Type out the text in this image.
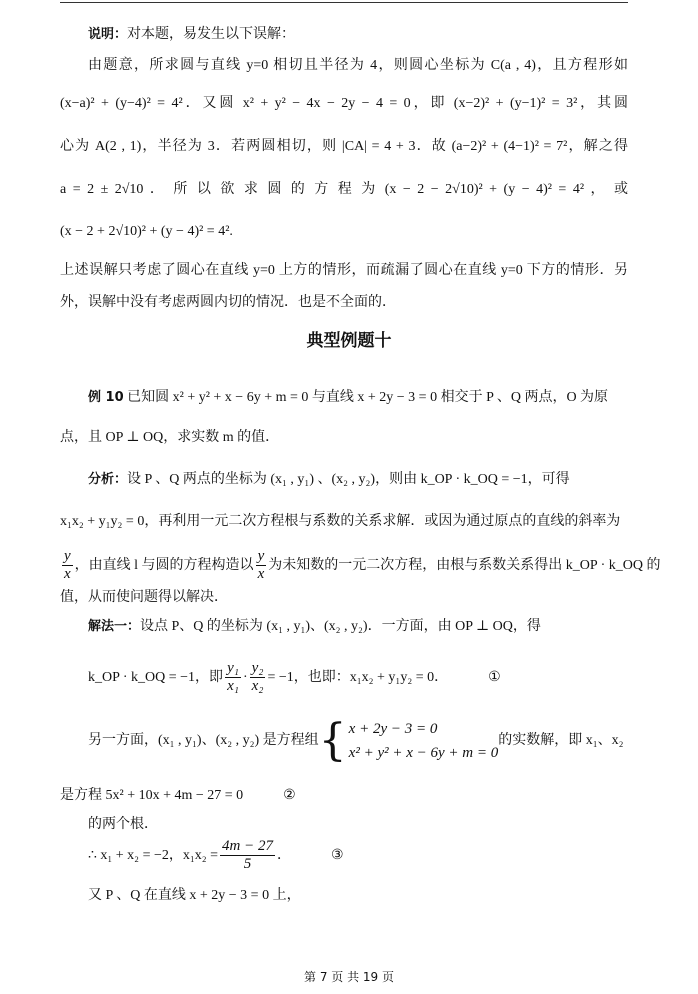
说明：对本题，易发生以下误解：
由题意，所求圆与直线 y=0 相切且半径为 4，则圆心坐标为 C(a , 4)，且方程形如
(x−a)² + (y−4)² = 4²．又圆 x² + y² − 4x − 2y − 4 = 0，即 (x−2)² + (y−1)² = 3²，其圆
心为 A(2 , 1)，半径为 3．若两圆相切，则 |CA| = 4 + 3．故 (a−2)² + (4−1)² = 7²，解之得
a = 2 ± 2√10 ． 所 以 欲 求 圆 的 方 程 为 (x − 2 − 2√10)² + (y − 4)² = 4² ， 或
(x − 2 + 2√10)² + (y − 4)² = 4².
上述误解只考虑了圆心在直线 y=0 上方的情形，而疏漏了圆心在直线 y=0 下方的情形．另
外，误解中没有考虑两圆内切的情况．也是不全面的．
典型例题十
例 10 已知圆 x² + y² + x − 6y + m = 0 与直线 x + 2y − 3 = 0 相交于 P 、Q 两点，O 为原
点，且 OP ⊥ OQ，求实数 m 的值．
分析：设 P 、Q 两点的坐标为 (x₁ , y₁) 、(x₂ , y₂)，则由 k_OP · k_OQ = −1，可得
x₁x₂ + y₁y₂ = 0，再利用一元二次方程根与系数的关系求解．或因为通过原点的直线的斜率为
$\frac{y}{x}$ ，由直线 l 与圆的方程构造以 $\frac{y}{x}$ 为未知数的一元二次方程，由根与系数关系得出 k_OP · k_OQ 的
值，从而使问题得以解决．
解法一：设点 P、Q 的坐标为 (x₁ , y₁)、(x₂ , y₂)．一方面，由 OP ⊥ OQ，得
k_OP · k_OQ = −1，即 $\frac{\text{y₁}}{\text{x₁}} \cdot \frac{\text{y₂}}{\text{x₂}} = -1$，也即：x₁x₂ + y₁y₂ = 0．	①
另一方面，(x₁ , y₁)、(x₂ , y₂) 是方程组 { x + 2y − 3 = 0
x² + y² + x − 6y + m = 0
的实数解，即 x₁、x₂
是方程 5x² + 10x + 4m − 27 = 0	②
的两个根．
∴ x₁ + x₂ = −2，$x_1x_2 = \frac{4m - 27}{5}$ ．	③
又 P 、Q 在直线 x + 2y − 3 = 0 上，
第 7 页 共 19 页
